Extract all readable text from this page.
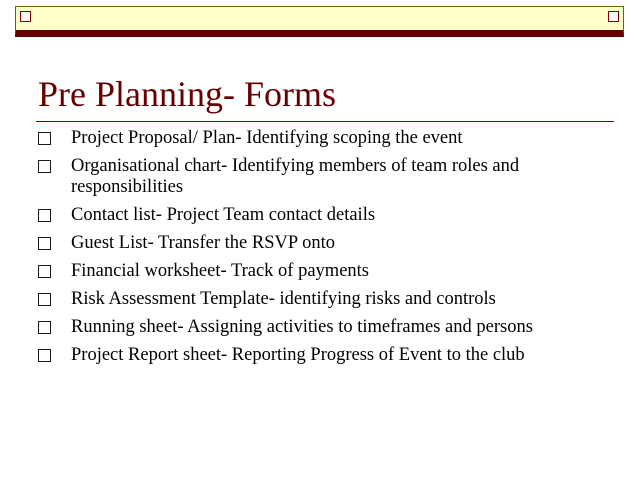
Pre Planning- Forms
Project Proposal/ Plan- Identifying scoping the event
Organisational chart- Identifying members of team roles and responsibilities
Contact list- Project Team contact details
Guest List- Transfer the RSVP onto
Financial worksheet- Track of payments
Risk Assessment Template- identifying risks and controls
Running sheet- Assigning activities to timeframes and persons
Project Report sheet- Reporting Progress of Event to the club
